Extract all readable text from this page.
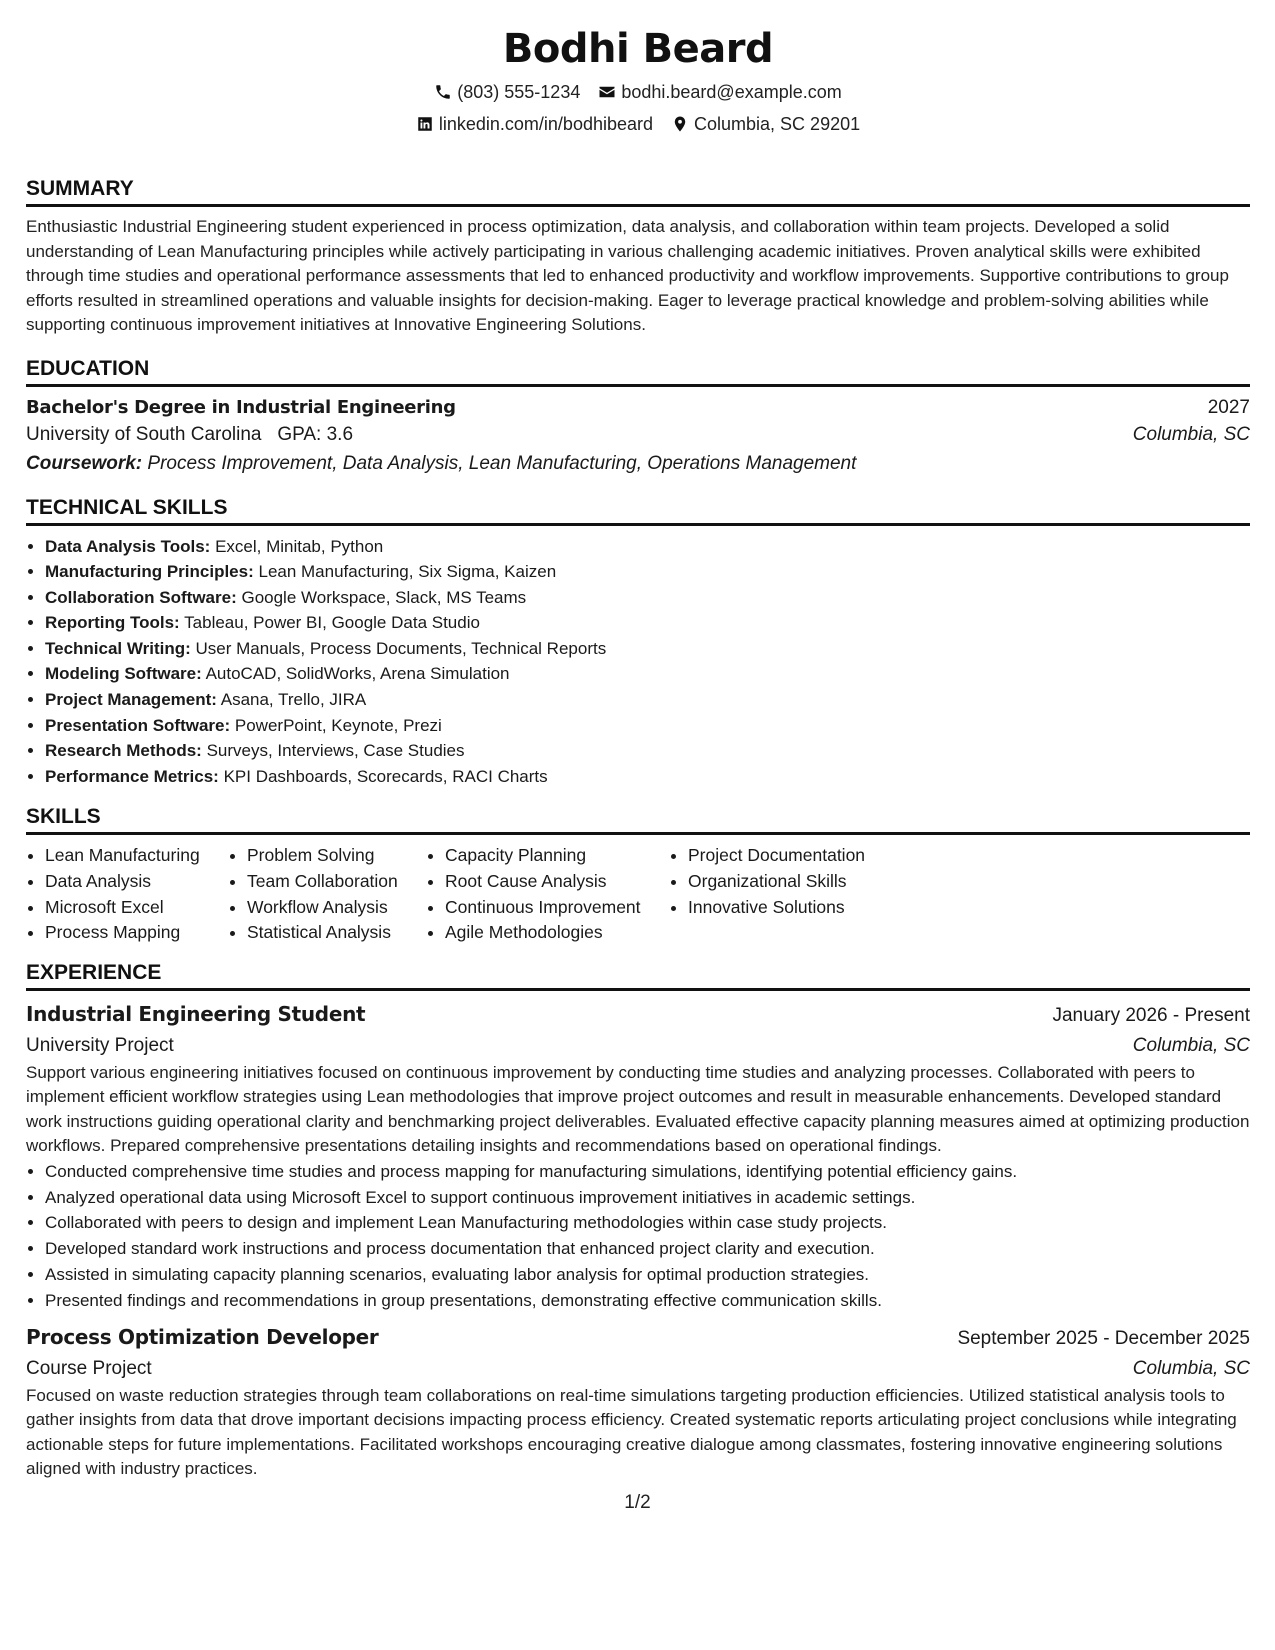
Bodhi Beard
(803) 555-1234 bodhi.beard@example.com
linkedin.com/in/bodhibeard Columbia, SC 29201
SUMMARY

Enthusiastic Industrial Engineering student experienced in process optimization, data analysis, and collaboration within team projects. Developed a solid understanding of Lean Manufacturing principles while actively participating in various challenging academic initiatives. Proven analytical skills were exhibited through time studies and operational performance assessments that led to enhanced productivity and workflow improvements. Supportive contributions to group efforts resulted in streamlined operations and valuable insights for decision-making. Eager to leverage practical knowledge and problem-solving abilities while supporting continuous improvement initiatives at Innovative Engineering Solutions.

EDUCATION
Bachelor's Degree in Industrial Engineering	2027
University of South Carolina GPA: 3.6	Columbia, SC
Coursework: Process Improvement, Data Analysis, Lean Manufacturing, Operations Management
TECHNICAL SKILLS
• Data Analysis Tools: Excel, Minitab, Python
• Manufacturing Principles: Lean Manufacturing, Six Sigma, Kaizen
• Collaboration Software: Google Workspace, Slack, MS Teams
• Reporting Tools: Tableau, Power BI, Google Data Studio
• Technical Writing: User Manuals, Process Documents, Technical Reports
• Modeling Software: AutoCAD, SolidWorks, Arena Simulation
• Project Management: Asana, Trello, JIRA
• Presentation Software: PowerPoint, Keynote, Prezi
• Research Methods: Surveys, Interviews, Case Studies
• Performance Metrics: KPI Dashboards, Scorecards, RACI Charts
SKILLS
• Lean Manufacturing
• Data Analysis
• Microsoft Excel
• Process Mapping
• Problem Solving
• Team Collaboration
• Workflow Analysis
• Statistical Analysis
• Capacity Planning
• Root Cause Analysis
• Continuous Improvement
• Agile Methodologies
• Project Documentation
• Organizational Skills
• Innovative Solutions
EXPERIENCE
Industrial Engineering Student	January 2026 - Present
University Project	Columbia, SC

Support various engineering initiatives focused on continuous improvement by conducting time studies and analyzing processes. Collaborated with peers to implement efficient workflow strategies using Lean methodologies that improve project outcomes and result in measurable enhancements. Developed standard work instructions guiding operational clarity and benchmarking project deliverables. Evaluated effective capacity planning measures aimed at optimizing production workflows. Prepared comprehensive presentations detailing insights and recommendations based on operational findings.

• Conducted comprehensive time studies and process mapping for manufacturing simulations, identifying potential efficiency gains.
• Analyzed operational data using Microsoft Excel to support continuous improvement initiatives in academic settings.
• Collaborated with peers to design and implement Lean Manufacturing methodologies within case study projects.
• Developed standard work instructions and process documentation that enhanced project clarity and execution.
• Assisted in simulating capacity planning scenarios, evaluating labor analysis for optimal production strategies.
• Presented findings and recommendations in group presentations, demonstrating effective communication skills.
Process Optimization Developer	September 2025 - December 2025
Course Project	Columbia, SC

Focused on waste reduction strategies through team collaborations on real-time simulations targeting production efficiencies. Utilized statistical analysis tools to gather insights from data that drove important decisions impacting process efficiency. Created systematic reports articulating project conclusions while integrating actionable steps for future implementations. Facilitated workshops encouraging creative dialogue among classmates, fostering innovative engineering solutions aligned with industry practices.

1/2
